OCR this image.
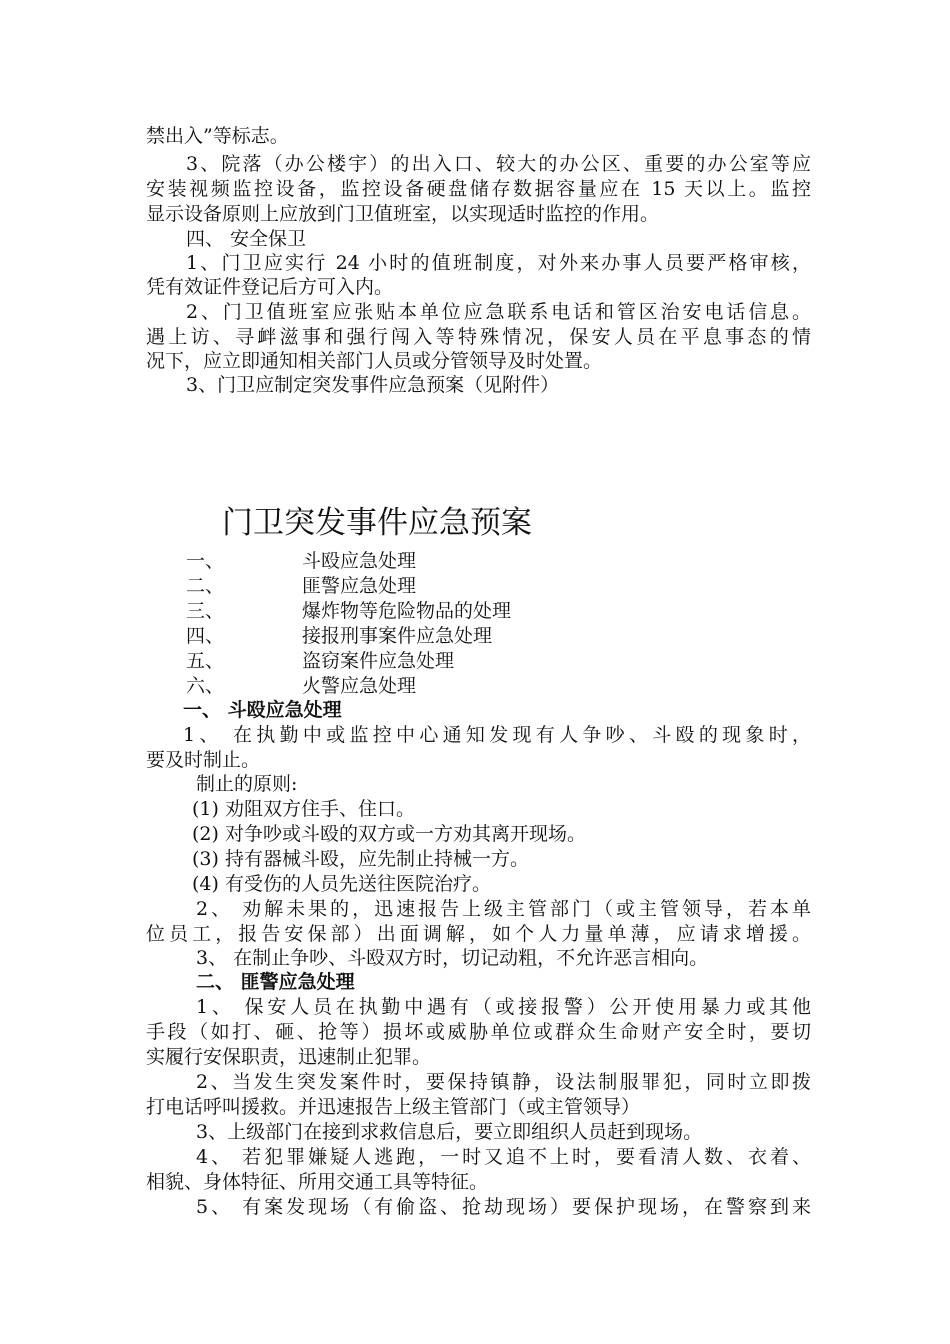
禁出入”等标志。

3、院落（办公楼宇）的出入口、较大的办公区、重要的办公室等应

安装视频监控设备，监控设备硬盘储存数据容量应在 15 天以上。监控

显示设备原则上应放到门卫值班室，以实现适时监控的作用。

四、 安全保卫

1、门卫应实行 24 小时的值班制度，对外来办事人员要严格审核，

凭有效证件登记后方可入内。

2、门卫值班室应张贴本单位应急联系电话和管区治安电话信息。

遇上访、寻衅滋事和强行闯入等特殊情况，保安人员在平息事态的情

况下，应立即通知相关部门人员或分管领导及时处置。

3、门卫应制定突发事件应急预案（见附件）

门卫突发事件应急预案
一、	斗殴应急处理
二、	匪警应急处理
三、	爆炸物等危险物品的处理
四、	接报刑事案件应急处理
五、	盗窃案件应急处理
六、	火警应急处理

一、 斗殴应急处理

1、 在执勤中或监控中心通知发现有人争吵、斗殴的现象时，

要及时制止。

制止的原则:

(1) 劝阻双方住手、住口。

(2) 对争吵或斗殴的双方或一方劝其离开现场。

(3) 持有器械斗殴，应先制止持械一方。

(4) 有受伤的人员先送往医院治疗。

2、 劝解未果的，迅速报告上级主管部门（或主管领导，若本单

位员工，报告安保部）出面调解，如个人力量单薄，应请求增援。

3、 在制止争吵、斗殴双方时，切记动粗，不允许恶言相向。

二、 匪警应急处理

1、 保安人员在执勤中遇有（或接报警）公开使用暴力或其他

手段（如打、砸、抢等）损坏或威胁单位或群众生命财产安全时，要切

实履行安保职责，迅速制止犯罪。

2、当发生突发案件时，要保持镇静，设法制服罪犯，同时立即拨

打电话呼叫援救。并迅速报告上级主管部门（或主管领导）

3、上级部门在接到求救信息后，要立即组织人员赶到现场。

4、 若犯罪嫌疑人逃跑，一时又追不上时，要看清人数、衣着、

相貌、身体特征、所用交通工具等特征。

5、 有案发现场（有偷盗、抢劫现场）要保护现场，在警察到来
